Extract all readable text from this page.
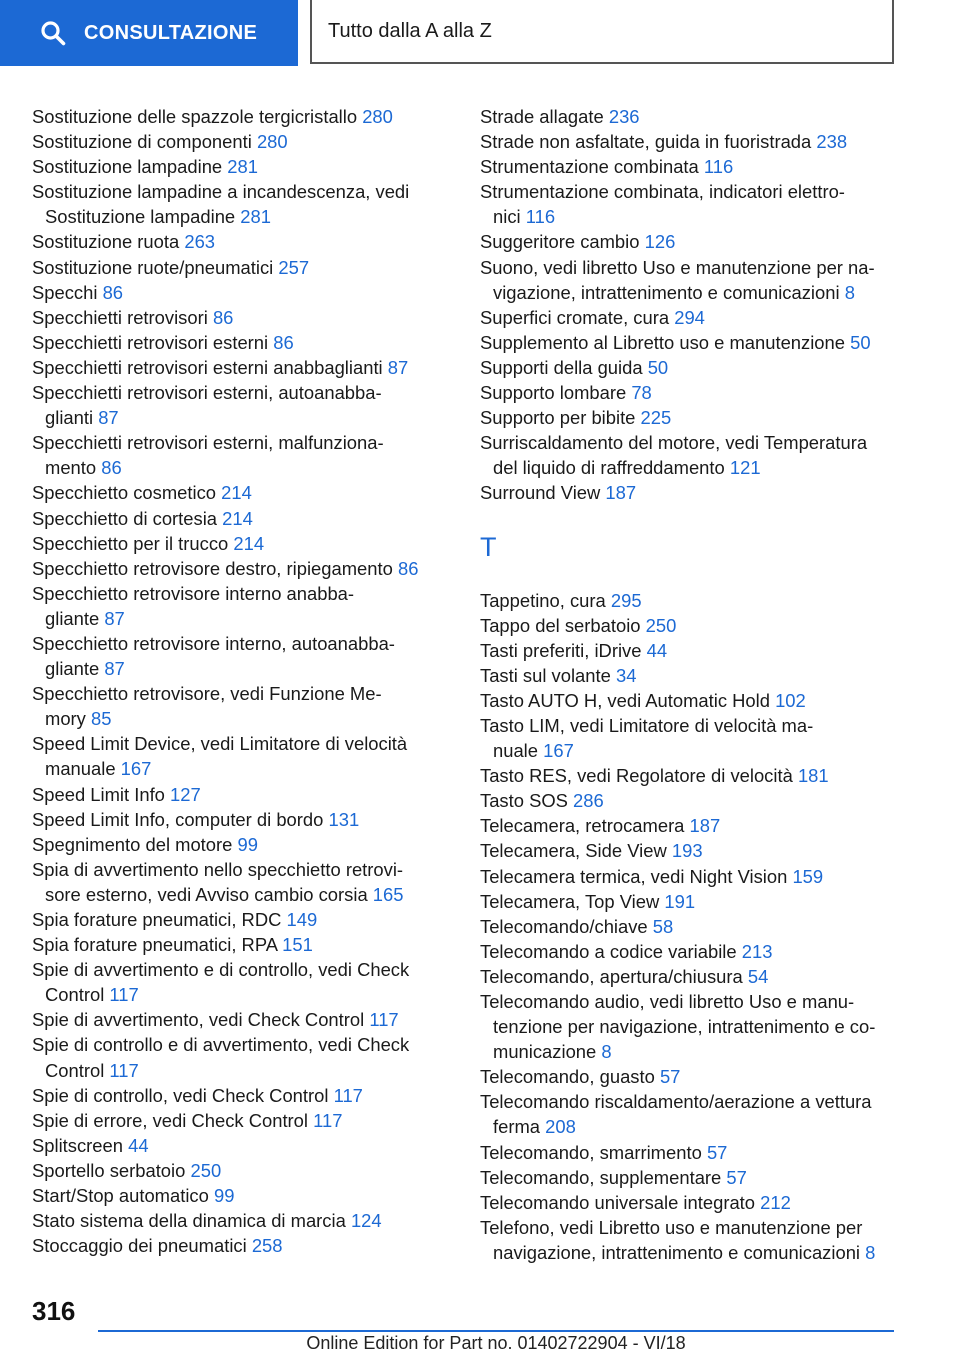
CONSULTAZIONE	Tutto dalla A alla Z
Sostituzione delle spazzole tergicristallo 280
Sostituzione di componenti 280
Sostituzione lampadine 281
Sostituzione lampadine a incandescenza, vedi
Sostituzione lampadine 281
Sostituzione ruota 263
Sostituzione ruote/pneumatici 257
Specchi 86
Specchietti retrovisori 86
Specchietti retrovisori esterni 86
Specchietti retrovisori esterni anabbaglianti 87
Specchietti retrovisori esterni, autoanabba-
glianti 87
Specchietti retrovisori esterni, malfunziona-
mento 86
Specchietto cosmetico 214
Specchietto di cortesia 214
Specchietto per il trucco 214
Specchietto retrovisore destro, ripiegamento 86
Specchietto retrovisore interno anabba-
gliante 87
Specchietto retrovisore interno, autoanabba-
gliante 87
Specchietto retrovisore, vedi Funzione Me-
mory 85
Speed Limit Device, vedi Limitatore di velocità
manuale 167
Speed Limit Info 127
Speed Limit Info, computer di bordo 131
Spegnimento del motore 99
Spia di avvertimento nello specchietto retrovi-
sore esterno, vedi Avviso cambio corsia 165
Spia forature pneumatici, RDC 149
Spia forature pneumatici, RPA 151
Spie di avvertimento e di controllo, vedi Check
Control 117
Spie di avvertimento, vedi Check Control 117
Spie di controllo e di avvertimento, vedi Check
Control 117
Spie di controllo, vedi Check Control 117
Spie di errore, vedi Check Control 117
Splitscreen 44
Sportello serbatoio 250
Start/Stop automatico 99
Stato sistema della dinamica di marcia 124
Stoccaggio dei pneumatici 258
Strade allagate 236
Strade non asfaltate, guida in fuoristrada 238
Strumentazione combinata 116
Strumentazione combinata, indicatori elettro-
nici 116
Suggeritore cambio 126
Suono, vedi libretto Uso e manutenzione per na-
vigazione, intrattenimento e comunicazioni 8
Superfici cromate, cura 294
Supplemento al Libretto uso e manutenzione 50
Supporti della guida 50
Supporto lombare 78
Supporto per bibite 225
Surriscaldamento del motore, vedi Temperatura
del liquido di raffreddamento 121
Surround View 187
T
Tappetino, cura 295
Tappo del serbatoio 250
Tasti preferiti, iDrive 44
Tasti sul volante 34
Tasto AUTO H, vedi Automatic Hold 102
Tasto LIM, vedi Limitatore di velocità ma-
nuale 167
Tasto RES, vedi Regolatore di velocità 181
Tasto SOS 286
Telecamera, retrocamera 187
Telecamera, Side View 193
Telecamera termica, vedi Night Vision 159
Telecamera, Top View 191
Telecomando/chiave 58
Telecomando a codice variabile 213
Telecomando, apertura/chiusura 54
Telecomando audio, vedi libretto Uso e manu-
tenzione per navigazione, intrattenimento e co-
municazione 8
Telecomando, guasto 57
Telecomando riscaldamento/aerazione a vettura
ferma 208
Telecomando, smarrimento 57
Telecomando, supplementare 57
Telecomando universale integrato 212
Telefono, vedi Libretto uso e manutenzione per
navigazione, intrattenimento e comunicazioni 8
316
Online Edition for Part no. 01402722904 - VI/18
